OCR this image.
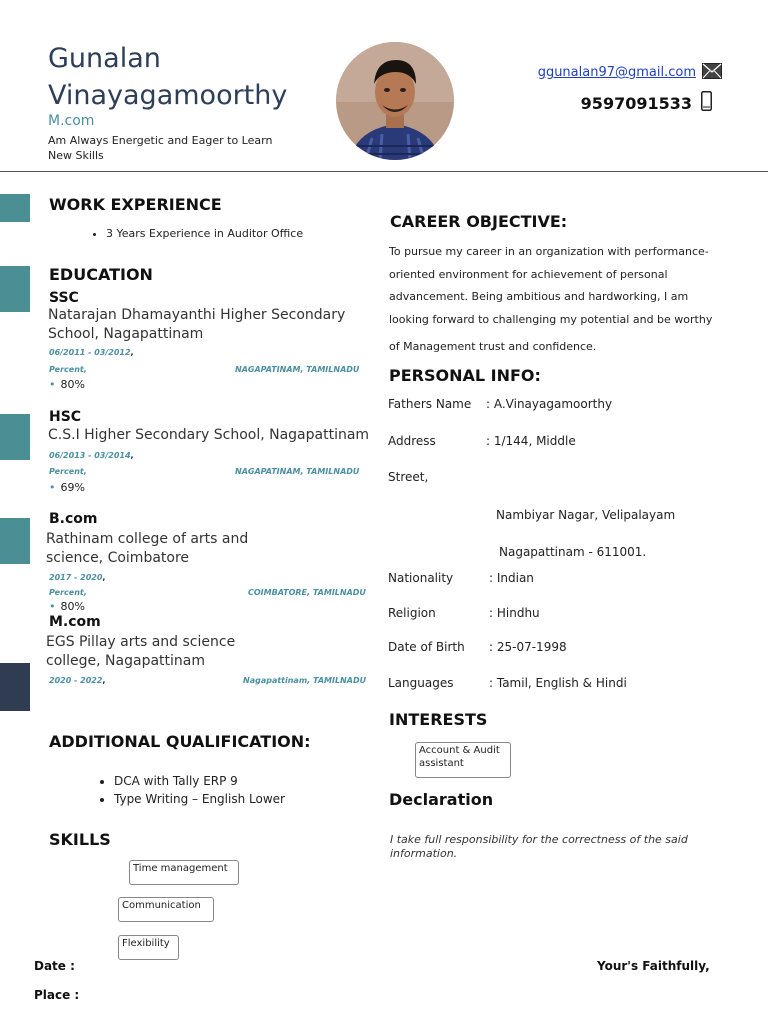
Gunalan
Vinayagamoorthy
M.com
Am Always Energetic and Eager to Learn New Skills
ggunalan97@gmail.com
9597091533
WORK EXPERIENCE
• 3 Years Experience in Auditor Office
EDUCATION
SSC
Natarajan Dhamayanthi Higher Secondary School, Nagapattinam
06/2011 - 03/2012,
Percent,	NAGAPATINAM, TAMILNADU
• 80%
HSC
C.S.I Higher Secondary School, Nagapattinam
06/2013 - 03/2014,
Percent,	NAGAPATINAM, TAMILNADU
• 69%
B.com
Rathinam college of arts and science, Coimbatore
2017 - 2020,
Percent,	COIMBATORE, TAMILNADU
• 80%
M.com
EGS Pillay arts and science college, Nagapattinam
2020 - 2022,	Nagapattinam, TAMILNADU
ADDITIONAL QUALIFICATION:
• DCA with Tally ERP 9
• Type Writing – English Lower
SKILLS
Time management
Communication
Flexibility
CAREER OBJECTIVE:
To pursue my career in an organization with performance-
oriented environment for achievement of personal
advancement. Being ambitious and hardworking, I am
looking forward to challenging my potential and be worthy
of Management trust and confidence.
PERSONAL INFO:
Fathers Name : A.Vinayagamoorthy
Address	: 1/144, Middle
Street,
Nambiyar Nagar, Velipalayam
Nagapattinam - 611001.
Nationality	: Indian
Religion	: Hindhu
Date of Birth : 25-07-1998
Languages	: Tamil, English & Hindi
INTERESTS
Account & Audit assistant
Declaration
I take full responsibility for the correctness of the said information.
Date :
Place :
Your's Faithfully,
